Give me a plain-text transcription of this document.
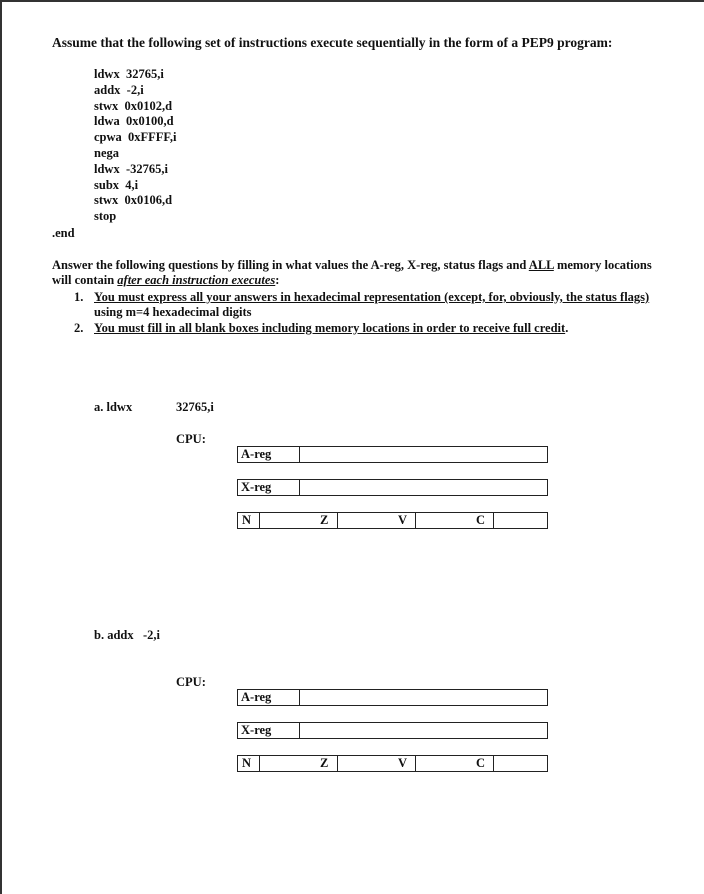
Assume that the following set of instructions execute sequentially in the form of a PEP9 program:
ldwx  32765,i
addx  -2,i
stwx  0x0102,d
ldwa  0x0100,d
cpwa  0xFFFF,i
nega
ldwx  -32765,i
subx  4,i
stwx  0x0106,d
stop
.end
Answer the following questions by filling in what values the A-reg, X-reg, status flags and ALL memory locations will contain after each instruction executes:
1. You must express all your answers in hexadecimal representation (except, for, obviously, the status flags) using m=4 hexadecimal digits
2. You must fill in all blank boxes including memory locations in order to receive full credit.
a. ldwx	32765,i
CPU:
A-reg
X-reg
N	Z	V	C
b. addx   -2,i
CPU:
A-reg
X-reg
N	Z	V	C
